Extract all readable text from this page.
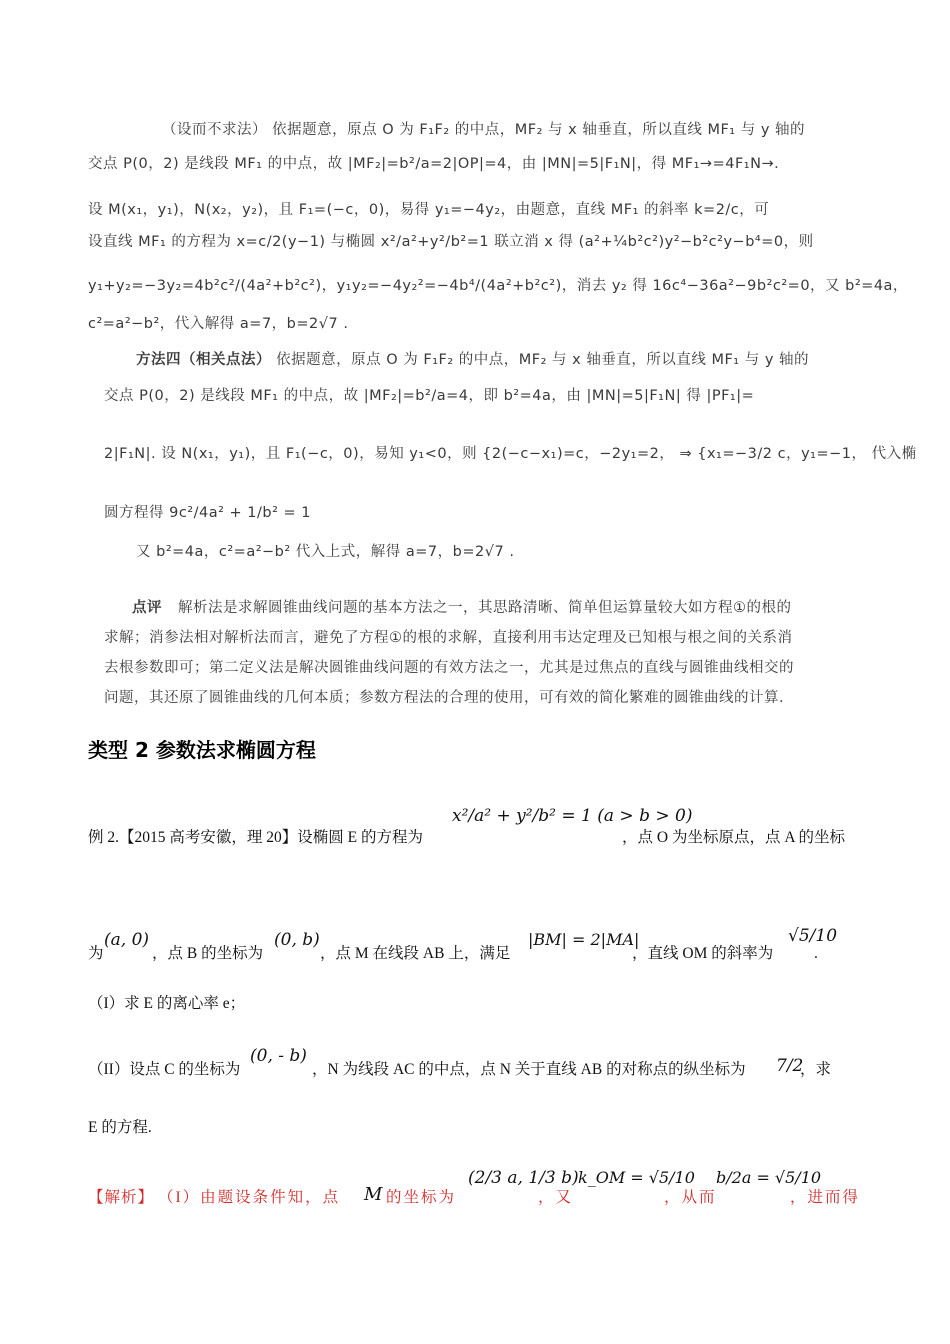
（设而不求法） 依据题意，原点 O 为 F₁F₂ 的中点，MF₂ 与 x 轴垂直，所以直线 MF₁ 与 y 轴的
交点 P(0，2) 是线段 MF₁ 的中点，故 |MF₂|=b²/a=2|OP|=4，由 |MN|=5|F₁N|，得 MF₁→=4F₁N→.
设 M(x₁，y₁)，N(x₂，y₂)，且 F₁=(−c，0)，易得 y₁=−4y₂，由题意，直线 MF₁ 的斜率 k=2/c，可
设直线 MF₁ 的方程为 x=c/2(y−1) 与椭圆 x²/a²+y²/b²=1 联立消 x 得 (a²+¼b²c²)y²−b²c²y−b⁴=0，则
y₁+y₂=−3y₂=4b²c²/(4a²+b²c²)，y₁y₂=−4y₂²=−4b⁴/(4a²+b²c²)，消去 y₂ 得 16c⁴−36a²−9b²c²=0，又 b²=4a，
c²=a²−b²，代入解得 a=7，b=2√7 .
方法四（相关点法） 依据题意，原点 O 为 F₁F₂ 的中点，MF₂ 与 x 轴垂直，所以直线 MF₁ 与 y 轴的
交点 P(0，2) 是线段 MF₁ 的中点，故 |MF₂|=b²/a=4，即 b²=4a，由 |MN|=5|F₁N| 得 |PF₁|=
2|F₁N|. 设 N(x₁，y₁)，且 F₁(−c，0)，易知 y₁<0，则 {2(−c−x₁)=c，−2y₁=2， ⇒ {x₁=−3/2 c，y₁=−1， 代入椭
圆方程得 9c²/4a² + 1/b² = 1
又 b²=4a，c²=a²−b² 代入上式，解得 a=7，b=2√7 .
点评 解析法是求解圆锥曲线问题的基本方法之一，其思路清晰、简单但运算量较大如方程①的根的
求解；消参法相对解析法而言，避免了方程①的根的求解，直接利用韦达定理及已知根与根之间的关系消
去根参数即可；第二定义法是解决圆锥曲线问题的有效方法之一，尤其是过焦点的直线与圆锥曲线相交的
问题，其还原了圆锥曲线的几何本质；参数方程法的合理的使用，可有效的简化繁难的圆锥曲线的计算.
类型 2 参数法求椭圆方程
例 2.【2015 高考安徽，理 20】设椭圆 E 的方程为
x²/a² + y²/b² = 1 (a > b > 0)
，点 O 为坐标原点，点 A 的坐标
为
(a, 0)
，点 B 的坐标为
(0, b)
，点 M 在线段 AB 上，满足
|BM| = 2|MA|
，直线 OM 的斜率为
√5/10
.
（I）求 E 的离心率 e；
（II）设点 C 的坐标为
(0, - b)
，N 为线段 AC 的中点，点 N 关于直线 AB 的对称点的纵坐标为 7/2
，求
E 的方程.
【解析】 （I）由题设条件知，点 M 的坐标为
(2/3 a, 1/3 b)
，又
k_OM = √5/10
，从而
b/2a = √5/10
，进而得
